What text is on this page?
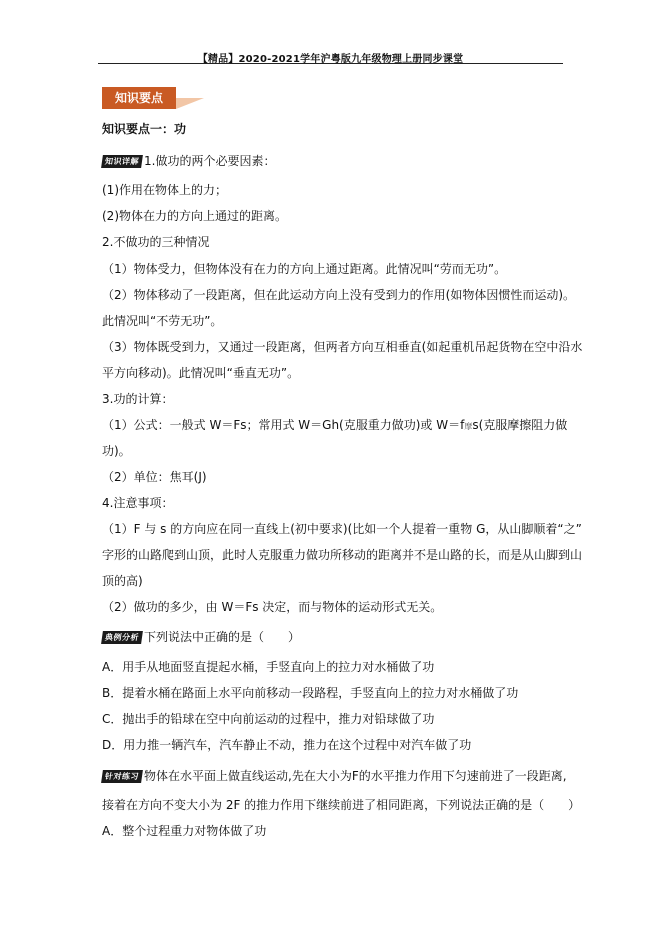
【精品】2020-2021学年沪粤版九年级物理上册同步课堂
知识要点
知识要点一：功
知识详解 1.做功的两个必要因素：
(1)作用在物体上的力；
(2)物体在力的方向上通过的距离。
2.不做功的三种情况
（1）物体受力，但物体没有在力的方向上通过距离。此情况叫“劳而无功”。
（2）物体移动了一段距离，但在此运动方向上没有受到力的作用(如物体因惯性而运动)。
此情况叫“不劳无功”。
（3）物体既受到力，又通过一段距离，但两者方向互相垂直(如起重机吊起货物在空中沿水
平方向移动)。此情况叫“垂直无功”。
3.功的计算：
（1）公式：一般式 W＝Fs；常用式 W＝Gh(克服重力做功)或 W＝f摩s(克服摩擦阻力做
功)。
（2）单位：焦耳(J)
4.注意事项：
（1）F 与 s 的方向应在同一直线上(初中要求)(比如一个人提着一重物 G，从山脚顺着“之”
字形的山路爬到山顶，此时人克服重力做功所移动的距离并不是山路的长，而是从山脚到山
顶的高)
（2）做功的多少，由 W＝Fs 决定，而与物体的运动形式无关。
典例分析 下列说法中正确的是（　　）
A．用手从地面竖直提起水桶，手竖直向上的拉力对水桶做了功
B．提着水桶在路面上水平向前移动一段路程，手竖直向上的拉力对水桶做了功
C．抛出手的铅球在空中向前运动的过程中，推力对铅球做了功
D．用力推一辆汽车，汽车静止不动，推力在这个过程中对汽车做了功
针对练习 物体在水平面上做直线运动,先在大小为F的水平推力作用下匀速前进了一段距离,
接着在方向不变大小为 2F 的推力作用下继续前进了相同距离，下列说法正确的是（　　）
A．整个过程重力对物体做了功
